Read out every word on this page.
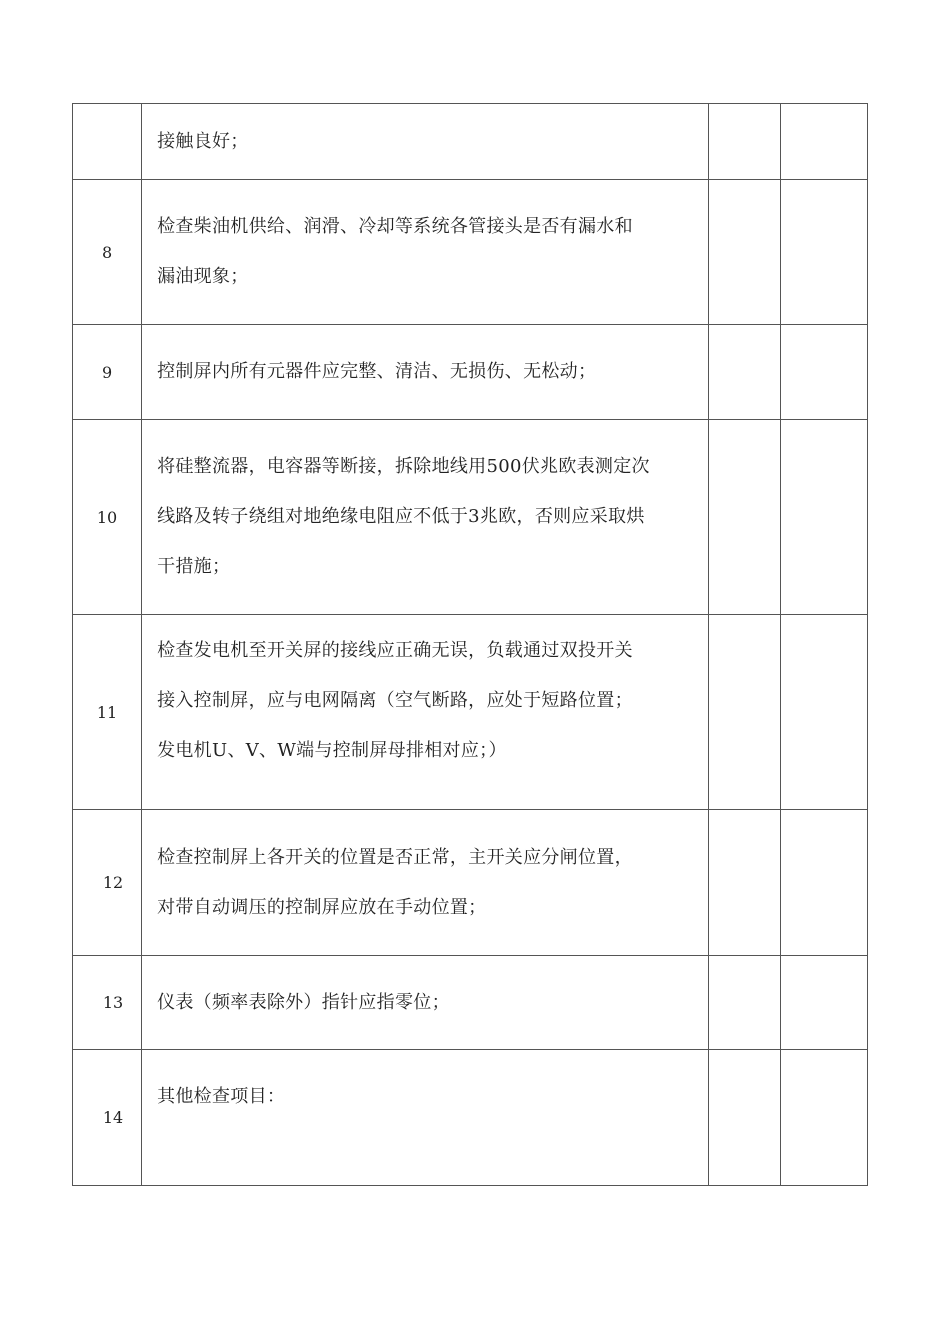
	接触良好；		

8	检查柴油机供给、润滑、冷却等系统各管接头是否有漏水和
漏油现象；		

9	控制屏内所有元器件应完整、清洁、无损伤、无松动；		

10	将硅整流器，电容器等断接，拆除地线用500伏兆欧表测定次
线路及转子绕组对地绝缘电阻应不低于3兆欧，否则应采取烘
干措施；		

11	检查发电机至开关屏的接线应正确无误，负载通过双投开关
接入控制屏，应与电网隔离（空气断路，应处于短路位置；
发电机U、V、W端与控制屏母排相对应；）		

12	检查控制屏上各开关的位置是否正常，主开关应分闸位置，
对带自动调压的控制屏应放在手动位置；		

13	仪表（频率表除外）指针应指零位；		

14	其他检查项目：		
